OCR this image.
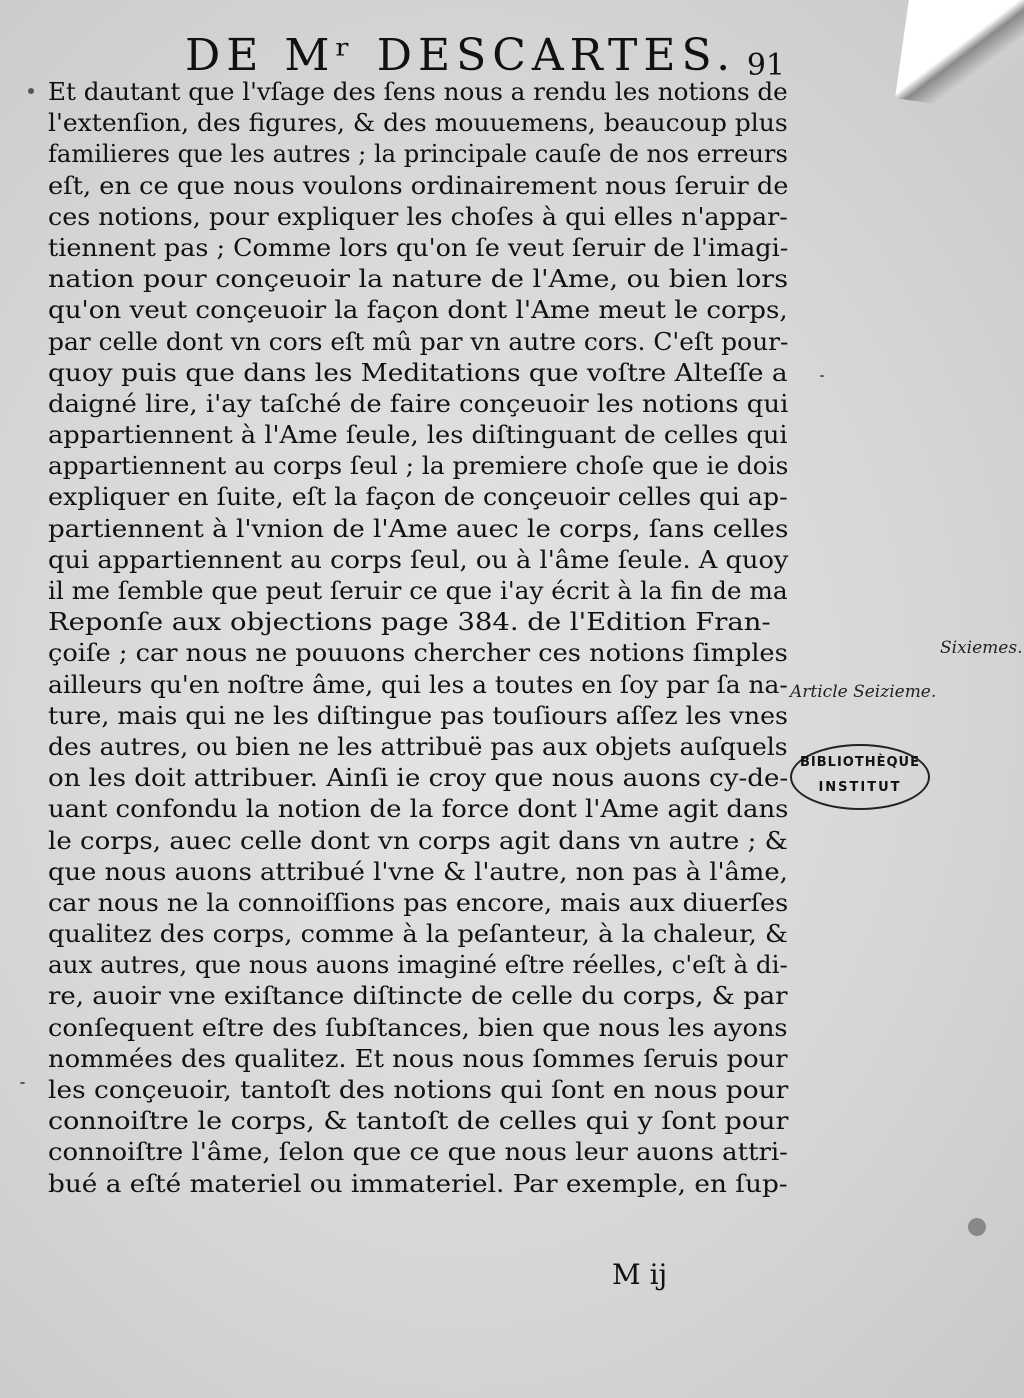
DE Mʳ DESCARTES. 91
Et dautant que l'vſage des ſens nous a rendu les notions de
l'extenſion, des figures, & des mouuemens, beaucoup plus
familieres que les autres ; la principale cauſe de nos erreurs
eſt, en ce que nous voulons ordinairement nous ſeruir de
ces notions, pour expliquer les choſes à qui elles n'appar-
tiennent pas ; Comme lors qu'on ſe veut ſeruir de l'imagi-
nation pour conçeuoir la nature de l'Ame, ou bien lors
qu'on veut conçeuoir la façon dont l'Ame meut le corps,
par celle dont vn cors eſt mû par vn autre cors. C'eſt pour-
quoy puis que dans les Meditations que voſtre Alteſſe a
daigné lire, i'ay taſché de faire conçeuoir les notions qui
appartiennent à l'Ame ſeule, les diſtinguant de celles qui
appartiennent au corps ſeul ; la premiere choſe que ie dois
expliquer en ſuite, eſt la façon de conçeuoir celles qui ap-
partiennent à l'vnion de l'Ame auec le corps, ſans celles
qui appartiennent au corps ſeul, ou à l'âme ſeule. A quoy
il me ſemble que peut ſeruir ce que i'ay écrit à la fin de ma
Reponſe aux objections page 384. de l'Edition Fran-
çoiſe ; car nous ne pouuons chercher ces notions ſimples
ailleurs qu'en noſtre âme, qui les a toutes en ſoy par ſa na-
ture, mais qui ne les diſtingue pas touſiours aſſez les vnes
des autres, ou bien ne les attribuë pas aux objets auſquels
on les doit attribuer. Ainſi ie croy que nous auons cy-de-
uant confondu la notion de la force dont l'Ame agit dans
le corps, auec celle dont vn corps agit dans vn autre ; &
que nous auons attribué l'vne & l'autre, non pas à l'âme,
car nous ne la connoiſſions pas encore, mais aux diuerſes
qualitez des corps, comme à la peſanteur, à la chaleur, &
aux autres, que nous auons imaginé eſtre réelles, c'eſt à di-
re, auoir vne exiſtance diſtincte de celle du corps, & par
conſequent eſtre des ſubſtances, bien que nous les ayons
nommées des qualitez. Et nous nous ſommes ſeruis pour
les conçeuoir, tantoſt des notions qui ſont en nous pour
connoiſtre le corps, & tantoſt de celles qui y ſont pour
connoiſtre l'âme, ſelon que ce que nous leur auons attri-
bué a eſté materiel ou immateriel. Par exemple, en ſup-
M ij
Sixiemes.
Article Seizieme.
BIBLIOTHÈQUE
INSTITUT
